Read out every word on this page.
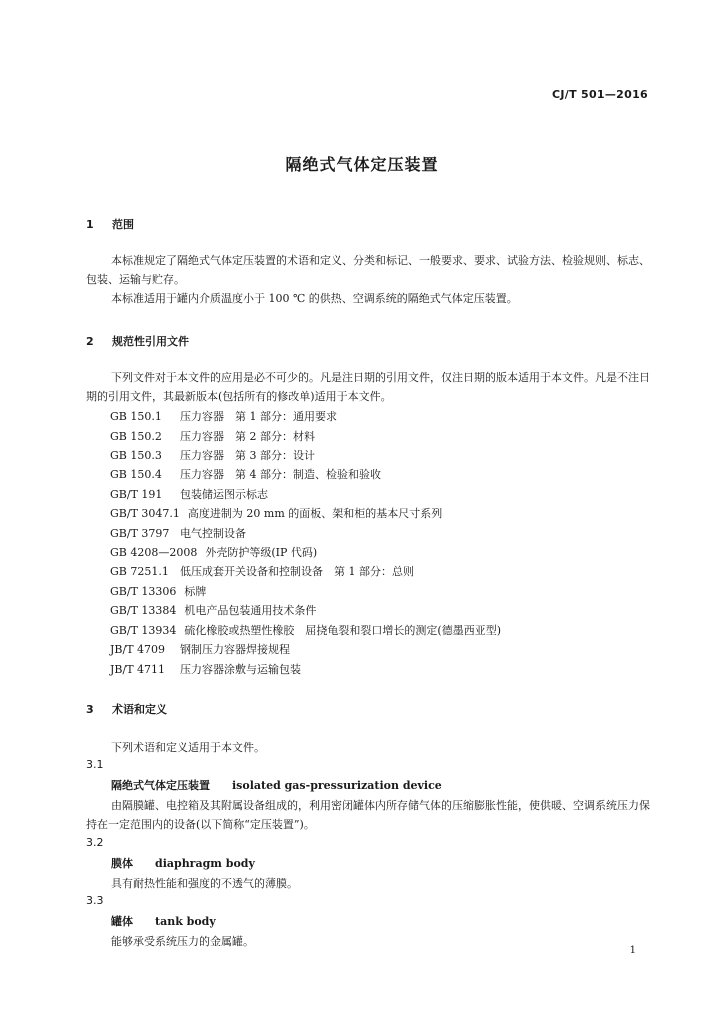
CJ/T 501—2016
隔绝式气体定压装置
1 范围
本标准规定了隔绝式气体定压装置的术语和定义、分类和标记、一般要求、要求、试验方法、检验规则、标志、包装、运输与贮存。
本标准适用于罐内介质温度小于 100 ℃ 的供热、空调系统的隔绝式气体定压装置。
2 规范性引用文件
下列文件对于本文件的应用是必不可少的。凡是注日期的引用文件，仅注日期的版本适用于本文件。凡是不注日期的引用文件，其最新版本(包括所有的修改单)适用于本文件。
GB 150.1 压力容器　第 1 部分：通用要求
GB 150.2 压力容器　第 2 部分：材料
GB 150.3 压力容器　第 3 部分：设计
GB 150.4 压力容器　第 4 部分：制造、检验和验收
GB/T 191 包装储运图示标志
GB/T 3047.1 高度进制为 20 mm 的面板、架和柜的基本尺寸系列
GB/T 3797 电气控制设备
GB 4208—2008 外壳防护等级(IP 代码)
GB 7251.1 低压成套开关设备和控制设备　第 1 部分：总则
GB/T 13306 标牌
GB/T 13384 机电产品包装通用技术条件
GB/T 13934 硫化橡胶或热塑性橡胶　屈挠龟裂和裂口增长的测定(德墨西亚型)
JB/T 4709 钢制压力容器焊接规程
JB/T 4711 压力容器涂敷与运输包装
3 术语和定义
下列术语和定义适用于本文件。
3.1
隔绝式气体定压装置 isolated gas-pressurization device
由隔膜罐、电控箱及其附属设备组成的，利用密闭罐体内所存储气体的压缩膨胀性能，使供暖、空调系统压力保持在一定范围内的设备(以下简称“定压装置”)。
3.2
膜体 diaphragm body
具有耐热性能和强度的不透气的薄膜。
3.3
罐体 tank body
能够承受系统压力的金属罐。
1
